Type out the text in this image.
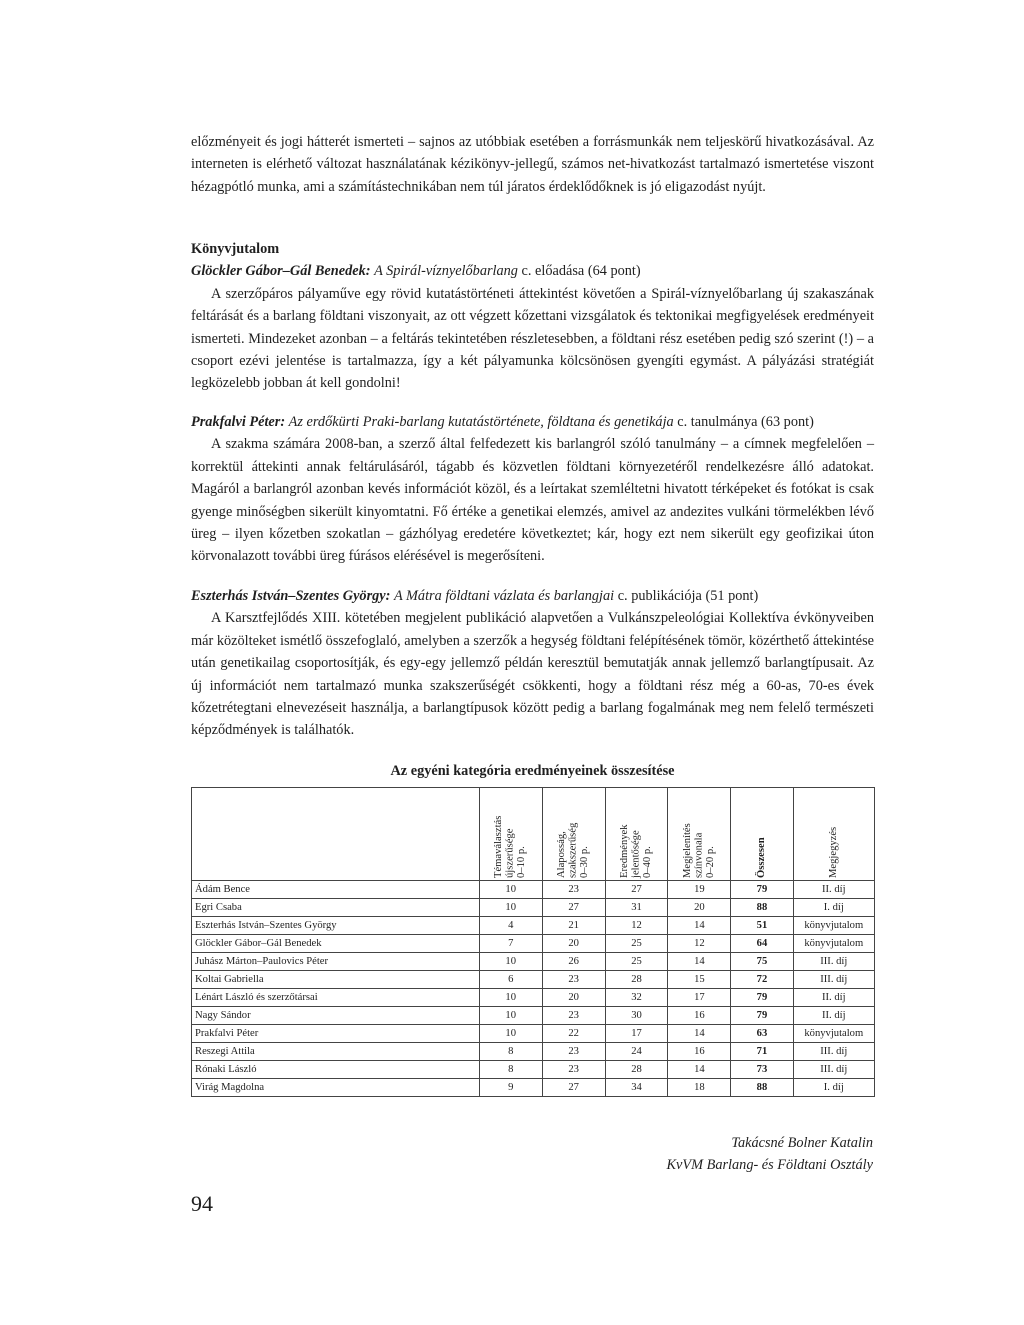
előzményeit és jogi hátterét ismerteti – sajnos az utóbbiak esetében a forrásmunkák nem teljeskörű hivatkozásával. Az interneten is elérhető változat használatának kézikönyv-jellegű, számos net-hivatkozást tartalmazó ismertetése viszont hézagpótló munka, ami a számítástechnikában nem túl járatos érdeklődőknek is jó eligazodást nyújt.

Könyvjutalom

Glöckler Gábor–Gál Benedek: A Spirál-víznyelőbarlang c. előadása (64 pont)

A szerzőpáros pályaműve egy rövid kutatástörténeti áttekintést követően a Spirál-víznyelőbarlang új szakaszának feltárását és a barlang földtani viszonyait, az ott végzett kőzettani vizsgálatok és tektonikai megfigyelések eredményeit ismerteti. Mindezeket azonban – a feltárás tekintetében részletesebben, a földtani rész esetében pedig szó szerint (!) – a csoport ezévi jelentése is tartalmazza, így a két pályamunka kölcsönösen gyengíti egymást. A pályázási stratégiát legközelebb jobban át kell gondolni!

Prakfalvi Péter: Az erdőkürti Praki-barlang kutatástörténete, földtana és genetikája c. tanulmánya (63 pont)

A szakma számára 2008-ban, a szerző által felfedezett kis barlangról szóló tanulmány – a címnek megfelelően – korrektül áttekinti annak feltárulásáról, tágabb és közvetlen földtani környezetéről rendelkezésre álló adatokat. Magáról a barlangról azonban kevés információt közöl, és a leírtakat szemléltetni hivatott térképeket és fotókat is csak gyenge minőségben sikerült kinyomtatni. Fő értéke a genetikai elemzés, amivel az andezites vulkáni törmelékben lévő üreg – ilyen kőzetben szokatlan – gázhólyag eredetére következtet; kár, hogy ezt nem sikerült egy geofizikai úton körvonalazott további üreg fúrásos elérésével is megerősíteni.

Eszterhás István–Szentes György: A Mátra földtani vázlata és barlangjai c. publikációja (51 pont)

A Karsztfejlődés XIII. kötetében megjelent publikáció alapvetően a Vulkánszpeleológiai Kollektíva évkönyveiben már közölteket ismétlő összefoglaló, amelyben a szerzők a hegység földtani felépítésének tömör, közérthető áttekintése után genetikailag csoportosítják, és egy-egy jellemző példán keresztül bemutatják annak jellemző barlangtípusait. Az új információt nem tartalmazó munka szakszerűségét csökkenti, hogy a földtani rész még a 60-as, 70-es évek kőzetrétegtani elnevezéseit használja, a barlangtípusok között pedig a barlang fogalmának meg nem felelő természeti képződmények is találhatók.

Az egyéni kategória eredményeinek összesítése

	Témaválasztás
újszerűsége
0–10 p.	Alaposság,
szakszerűség
0–30 p.	Eredmények
jelentősége
0–40 p.	Megjelenítés
színvonala
0–20 p.	Összesen	Megjegyzés

Ádám Bence	10	23	27	19	79	II. díj
Egri Csaba	10	27	31	20	88	I. díj
Eszterhás István–Szentes György	4	21	12	14	51	könyvjutalom
Glöckler Gábor–Gál Benedek	7	20	25	12	64	könyvjutalom
Juhász Márton–Paulovics Péter	10	26	25	14	75	III. díj
Koltai Gabriella	6	23	28	15	72	III. díj
Lénárt László és szerzőtársai	10	20	32	17	79	II. díj
Nagy Sándor	10	23	30	16	79	II. díj
Prakfalvi Péter	10	22	17	14	63	könyvjutalom
Reszegi Attila	8	23	24	16	71	III. díj
Rónaki László	8	23	28	14	73	III. díj
Virág Magdolna	9	27	34	18	88	I. díj
Takácsné Bolner Katalin
KvVM Barlang- és Földtani Osztály
94
